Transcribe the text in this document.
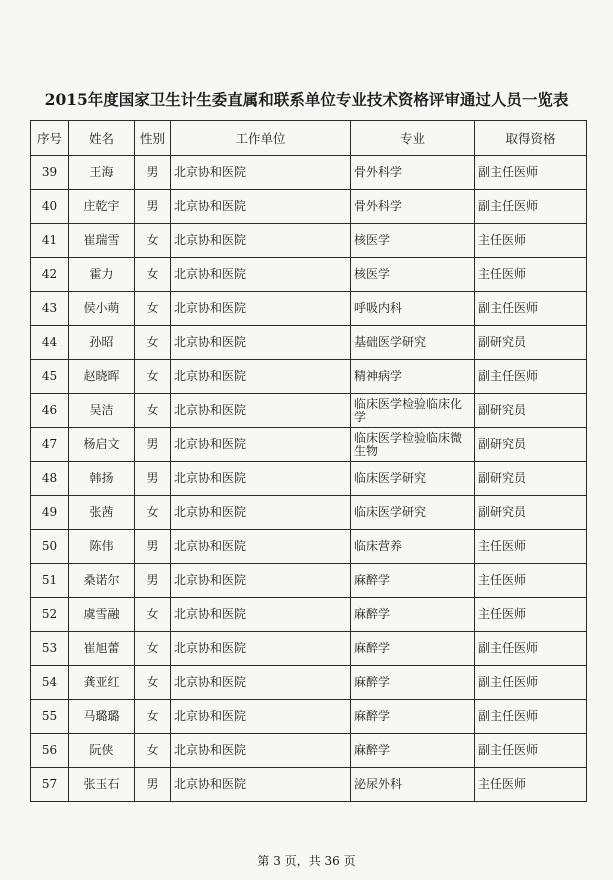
2015年度国家卫生计生委直属和联系单位专业技术资格评审通过人员一览表
序号	姓名	性别	工作单位	专业	取得资格
39	王海	男	北京协和医院	骨外科学	副主任医师
40	庄乾宇	男	北京协和医院	骨外科学	副主任医师
41	崔瑞雪	女	北京协和医院	核医学	主任医师
42	霍力	女	北京协和医院	核医学	主任医师
43	侯小萌	女	北京协和医院	呼吸内科	副主任医师
44	孙昭	女	北京协和医院	基础医学研究	副研究员
45	赵晓晖	女	北京协和医院	精神病学	副主任医师
46	吴洁	女	北京协和医院	临床医学检验临床化学	副研究员
47	杨启文	男	北京协和医院	临床医学检验临床微生物	副研究员
48	韩扬	男	北京协和医院	临床医学研究	副研究员
49	张茜	女	北京协和医院	临床医学研究	副研究员
50	陈伟	男	北京协和医院	临床营养	主任医师
51	桑诺尔	男	北京协和医院	麻醉学	主任医师
52	虞雪融	女	北京协和医院	麻醉学	主任医师
53	崔旭蕾	女	北京协和医院	麻醉学	副主任医师
54	龚亚红	女	北京协和医院	麻醉学	副主任医师
55	马璐璐	女	北京协和医院	麻醉学	副主任医师
56	阮侠	女	北京协和医院	麻醉学	副主任医师
57	张玉石	男	北京协和医院	泌尿外科	主任医师
第 3 页，共 36 页
